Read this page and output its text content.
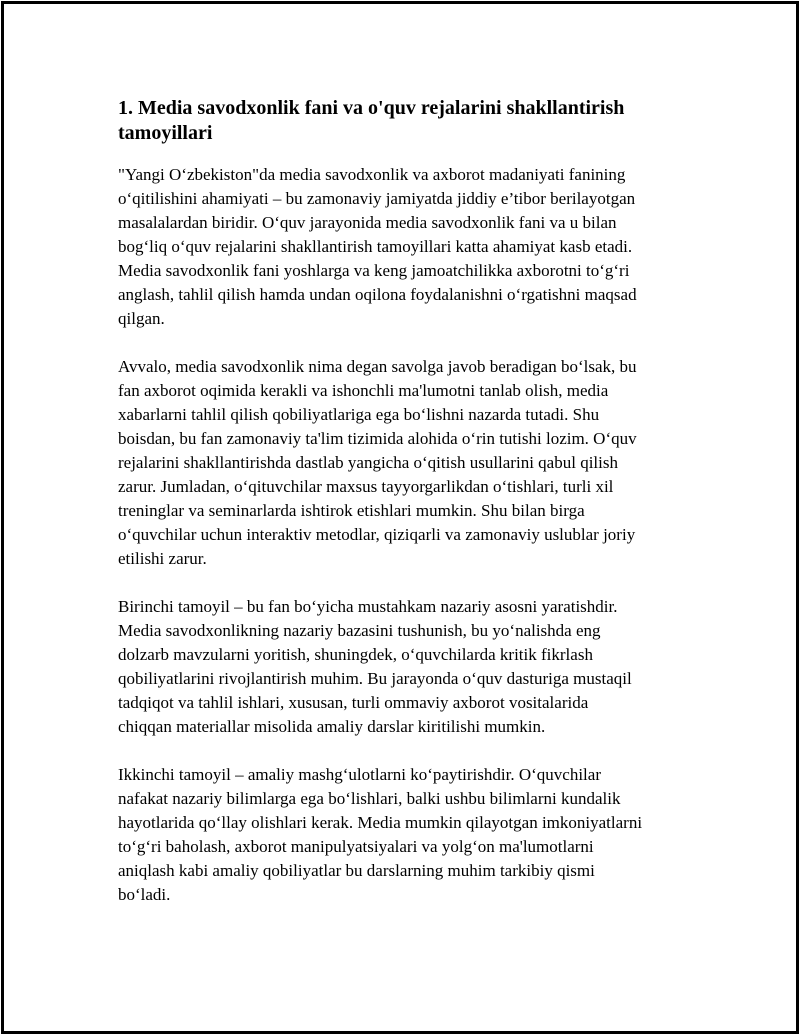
1. Media savodxonlik fani va o'quv rejalarini shakllantirish
tamoyillari

"Yangi O‘zbekiston"da media savodxonlik va axborot madaniyati fanining
o‘qitilishini ahamiyati – bu zamonaviy jamiyatda jiddiy e’tibor berilayotgan
masalalardan biridir. O‘quv jarayonida media savodxonlik fani va u bilan
bog‘liq o‘quv rejalarini shakllantirish tamoyillari katta ahamiyat kasb etadi.
Media savodxonlik fani yoshlarga va keng jamoatchilikka axborotni to‘g‘ri
anglash, tahlil qilish hamda undan oqilona foydalanishni o‘rgatishni maqsad
qilgan.

Avvalo, media savodxonlik nima degan savolga javob beradigan bo‘lsak, bu
fan axborot oqimida kerakli va ishonchli ma'lumotni tanlab olish, media
xabarlarni tahlil qilish qobiliyatlariga ega bo‘lishni nazarda tutadi. Shu
boisdan, bu fan zamonaviy ta'lim tizimida alohida o‘rin tutishi lozim. O‘quv
rejalarini shakllantirishda dastlab yangicha o‘qitish usullarini qabul qilish
zarur. Jumladan, o‘qituvchilar maxsus tayyorgarlikdan o‘tishlari, turli xil
treninglar va seminarlarda ishtirok etishlari mumkin. Shu bilan birga
o‘quvchilar uchun interaktiv metodlar, qiziqarli va zamonaviy uslublar joriy
etilishi zarur.

Birinchi tamoyil – bu fan bo‘yicha mustahkam nazariy asosni yaratishdir.
Media savodxonlikning nazariy bazasini tushunish, bu yo‘nalishda eng
dolzarb mavzularni yoritish, shuningdek, o‘quvchilarda kritik fikrlash
qobiliyatlarini rivojlantirish muhim. Bu jarayonda o‘quv dasturiga mustaqil
tadqiqot va tahlil ishlari, xususan, turli ommaviy axborot vositalarida
chiqqan materiallar misolida amaliy darslar kiritilishi mumkin.

Ikkinchi tamoyil – amaliy mashg‘ulotlarni ko‘paytirishdir. O‘quvchilar
nafakat nazariy bilimlarga ega bo‘lishlari, balki ushbu bilimlarni kundalik
hayotlarida qo‘llay olishlari kerak. Media mumkin qilayotgan imkoniyatlarni
to‘g‘ri baholash, axborot manipulyatsiyalari va yolg‘on ma'lumotlarni
aniqlash kabi amaliy qobiliyatlar bu darslarning muhim tarkibiy qismi
bo‘ladi.
